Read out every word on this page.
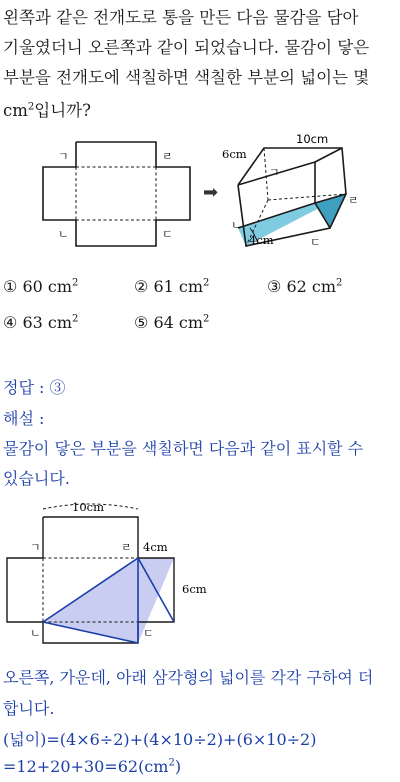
왼쪽과 같은 전개도로 통을 만든 다음 물감을 담아
기울였더니 오른쪽과 같이 되었습니다. 물감이 닿은
부분을 전개도에 색칠하면 색칠한 부분의 넓이는 몇
$cm^2$입니까?
ㄱ	ㄹ
ㄴ	ㄷ
➡
10cm
6cm
4cm
ㄱ
ㄹ
ㄴ
ㄷ
① 60 $cm^2$	② 61 $cm^2$	③ 62 $cm^2$
④ 63 $cm^2$	⑤ 64 $cm^2$
정답 : ③
해설 :
물감이 닿은 부분을 색칠하면 다음과 같이 표시할 수
있습니다.
10cm
4cm
6cm
ㄱ	ㄹ
ㄴ	ㄷ
오른쪽, 가운데, 아래 삼각형의 넓이를 각각 구하여 더
합니다.
(넓이)=(4×6÷2)+(4×10÷2)+(6×10÷2)
$=12+20+30=62(cm^2)$
